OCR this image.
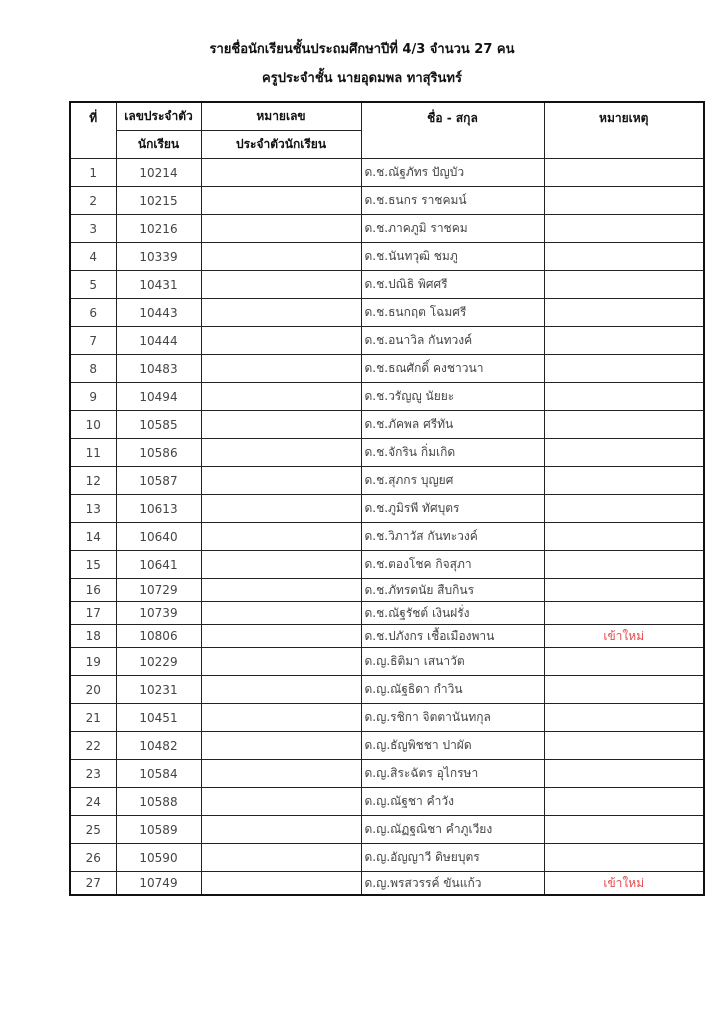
รายชื่อนักเรียนชั้นประถมศึกษาปีที่ 4/3 จำนวน 27 คน
ครูประจำชั้น นายอุดมพล ทาสุรินทร์
ที่	เลขประจำตัว	หมายเลข	ชื่อ - สกุล	หมายเหตุ
	นักเรียน	ประจำตัวนักเรียน		
1	10214		ด.ช.ณัฐภัทร ปัญบัว	
2	10215		ด.ช.ธนกร ราชคมน์	
3	10216		ด.ช.ภาคภูมิ ราชคม	
4	10339		ด.ช.นันทวุฒิ ชมภู	
5	10431		ด.ช.ปณิธิ พิศศรี	
6	10443		ด.ช.ธนกฤต โฉมศรี	
7	10444		ด.ช.อนาวิล กันทวงค์	
8	10483		ด.ช.ธณศักดิ์ คงชาวนา	
9	10494		ด.ช.วรัญญู นัยยะ	
10	10585		ด.ช.ภัคพล ศรีทัน	
11	10586		ด.ช.จักริน กิ่มเกิด	
12	10587		ด.ช.สุภกร บุญยศ	
13	10613		ด.ช.ภูมิรพี ทัศบุตร	
14	10640		ด.ช.วิภาวัส กันทะวงค์	
15	10641		ด.ช.ตองโชค กิจสุภา	
16	10729		ด.ช.ภัทรดนัย สืบกินร	
17	10739		ด.ช.ณัฐรัชต์ เงินฝรั่ง	
18	10806		ด.ช.ปภังกร เชื้อเมืองพาน	เข้าใหม่
19	10229		ด.ญ.ธิติมา เสนาวัต	
20	10231		ด.ญ.ณัฐธิดา กำวิน	
21	10451		ด.ญ.รชิกา จิตตานันทกุล	
22	10482		ด.ญ.ธัญพิชชา ปาผัด	
23	10584		ด.ญ.สิระฉัตร อุไกรษา	
24	10588		ด.ญ.ณัฐชา คำวัง	
25	10589		ด.ญ.ณัฏฐณิชา คำภูเวียง	
26	10590		ด.ญ.อัญญาวี ดิษยบุตร	
27	10749		ด.ญ.พรสวรรค์ ขันแก้ว	เข้าใหม่
